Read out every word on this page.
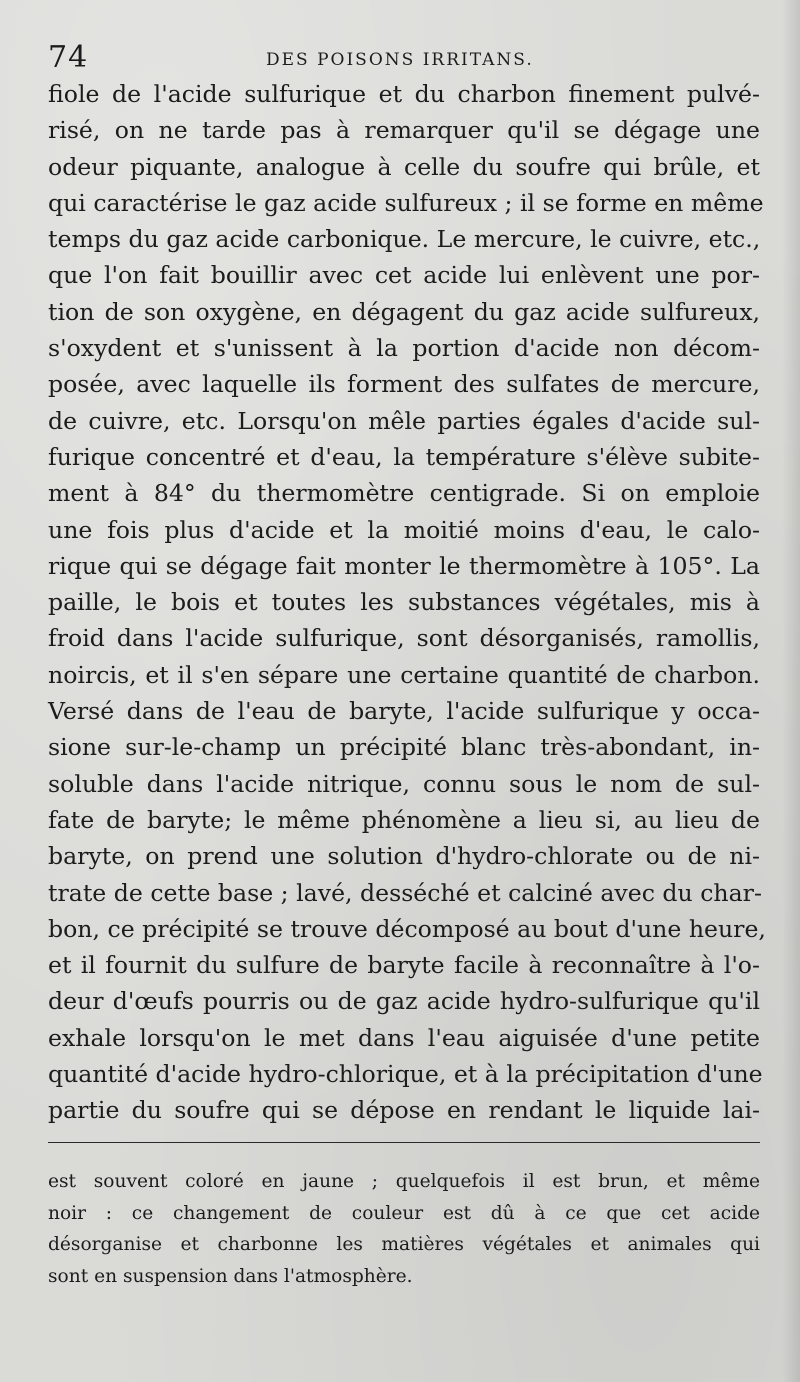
74	DES POISONS IRRITANS.
fiole de l'acide sulfurique et du charbon finement pulvé-
risé, on ne tarde pas à remarquer qu'il se dégage une
odeur piquante, analogue à celle du soufre qui brûle, et
qui caractérise le gaz acide sulfureux ; il se forme en même
temps du gaz acide carbonique. Le mercure, le cuivre, etc.,
que l'on fait bouillir avec cet acide lui enlèvent une por-
tion de son oxygène, en dégagent du gaz acide sulfureux,
s'oxydent et s'unissent à la portion d'acide non décom-
posée, avec laquelle ils forment des sulfates de mercure,
de cuivre, etc. Lorsqu'on mêle parties égales d'acide sul-
furique concentré et d'eau, la température s'élève subite-
ment à 84° du thermomètre centigrade. Si on emploie
une fois plus d'acide et la moitié moins d'eau, le calo-
rique qui se dégage fait monter le thermomètre à 105°. La
paille, le bois et toutes les substances végétales, mis à
froid dans l'acide sulfurique, sont désorganisés, ramollis,
noircis, et il s'en sépare une certaine quantité de charbon.
Versé dans de l'eau de baryte, l'acide sulfurique y occa-
sione sur-le-champ un précipité blanc très-abondant, in-
soluble dans l'acide nitrique, connu sous le nom de sul-
fate de baryte; le même phénomène a lieu si, au lieu de
baryte, on prend une solution d'hydro-chlorate ou de ni-
trate de cette base ; lavé, desséché et calciné avec du char-
bon, ce précipité se trouve décomposé au bout d'une heure,
et il fournit du sulfure de baryte facile à reconnaître à l'o-
deur d'œufs pourris ou de gaz acide hydro-sulfurique qu'il
exhale lorsqu'on le met dans l'eau aiguisée d'une petite
quantité d'acide hydro-chlorique, et à la précipitation d'une
partie du soufre qui se dépose en rendant le liquide lai-
est souvent coloré en jaune ; quelquefois il est brun, et même
noir : ce changement de couleur est dû à ce que cet acide
désorganise et charbonne les matières végétales et animales qui
sont en suspension dans l'atmosphère.
